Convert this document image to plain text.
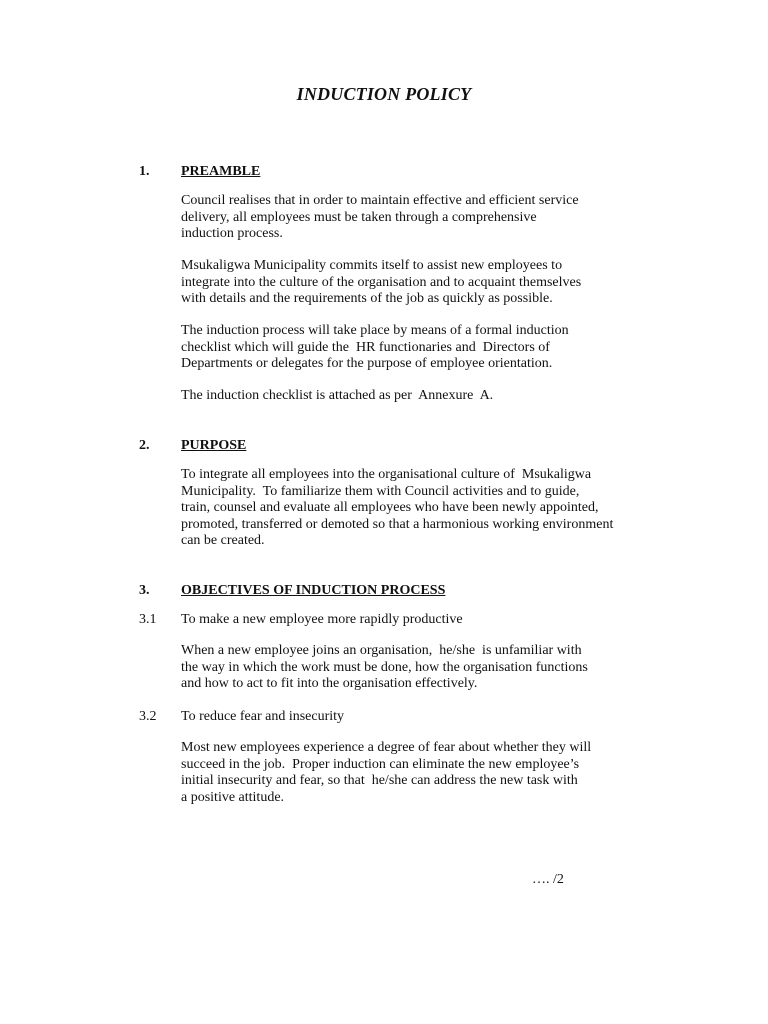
INDUCTION POLICY
1. PREAMBLE
Council realises that in order to maintain effective and efficient service
delivery, all employees must be taken through a comprehensive
induction process.
Msukaligwa Municipality commits itself to assist new employees to
integrate into the culture of the organisation and to acquaint themselves
with details and the requirements of the job as quickly as possible.
The induction process will take place by means of a formal induction
checklist which will guide the  HR functionaries and  Directors of
Departments or delegates for the purpose of employee orientation.
The induction checklist is attached as per  Annexure  A.
2. PURPOSE
To integrate all employees into the organisational culture of  Msukaligwa
Municipality.  To familiarize them with Council activities and to guide,
train, counsel and evaluate all employees who have been newly appointed,
promoted, transferred or demoted so that a harmonious working environment
can be created.
3. OBJECTIVES OF INDUCTION PROCESS
3.1 To make a new employee more rapidly productive
When a new employee joins an organisation,  he/she  is unfamiliar with
the way in which the work must be done, how the organisation functions
and how to act to fit into the organisation effectively.
3.2 To reduce fear and insecurity
Most new employees experience a degree of fear about whether they will
succeed in the job.  Proper induction can eliminate the new employee’s
initial insecurity and fear, so that  he/she can address the new task with
a positive attitude.
…. /2
